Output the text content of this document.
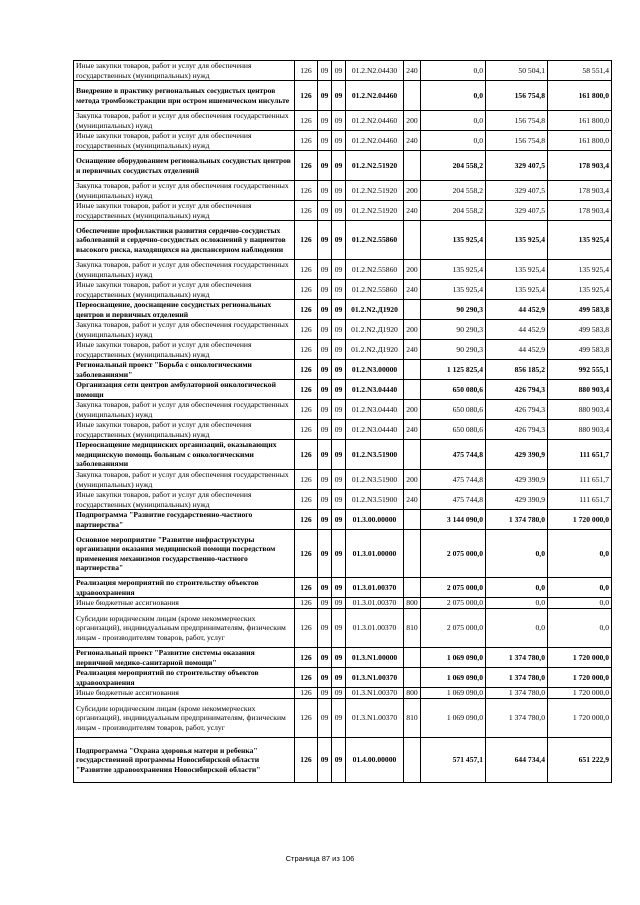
Иные закупки товаров, работ и услуг для обеспечения государственных (муниципальных) нужд	126	09	09	01.2.N2.04430	240	0,0	50 504,1	58 551,4
Внедрение в практику региональных сосудистых центров метода тромбоэкстракции при остром ишемическом инсульте	126	09	09	01.2.N2.04460		0,0	156 754,8	161 800,0
Закупка товаров, работ и услуг для обеспечения государственных (муниципальных) нужд	126	09	09	01.2.N2.04460	200	0,0	156 754,8	161 800,0
Иные закупки товаров, работ и услуг для обеспечения государственных (муниципальных) нужд	126	09	09	01.2.N2.04460	240	0,0	156 754,8	161 800,0
Оснащение оборудованием региональных сосудистых центров и первичных сосудистых отделений	126	09	09	01.2.N2.51920		204 558,2	329 407,5	178 903,4
Закупка товаров, работ и услуг для обеспечения государственных (муниципальных) нужд	126	09	09	01.2.N2.51920	200	204 558,2	329 407,5	178 903,4
Иные закупки товаров, работ и услуг для обеспечения государственных (муниципальных) нужд	126	09	09	01.2.N2.51920	240	204 558,2	329 407,5	178 903,4
Обеспечение профилактики развития сердечно-сосудистых заболеваний и сердечно-сосудистых осложнений у пациентов высокого риска, находящихся на диспансерном наблюдении	126	09	09	01.2.N2.55860		135 925,4	135 925,4	135 925,4
Закупка товаров, работ и услуг для обеспечения государственных (муниципальных) нужд	126	09	09	01.2.N2.55860	200	135 925,4	135 925,4	135 925,4
Иные закупки товаров, работ и услуг для обеспечения государственных (муниципальных) нужд	126	09	09	01.2.N2.55860	240	135 925,4	135 925,4	135 925,4
Переоснащение, дооснащение сосудистых региональных центров и первичных отделений	126	09	09	01.2.N2.Д1920		90 290,3	44 452,9	499 583,8
Закупка товаров, работ и услуг для обеспечения государственных (муниципальных) нужд	126	09	09	01.2.N2.Д1920	200	90 290,3	44 452,9	499 583,8
Иные закупки товаров, работ и услуг для обеспечения государственных (муниципальных) нужд	126	09	09	01.2.N2.Д1920	240	90 290,3	44 452,9	499 583,8
Региональный проект "Борьба с онкологическими заболеваниями"	126	09	09	01.2.N3.00000		1 125 825,4	856 185,2	992 555,1
Организация сети центров амбулаторной онкологической помощи	126	09	09	01.2.N3.04440		650 080,6	426 794,3	880 903,4
Закупка товаров, работ и услуг для обеспечения государственных (муниципальных) нужд	126	09	09	01.2.N3.04440	200	650 080,6	426 794,3	880 903,4
Иные закупки товаров, работ и услуг для обеспечения государственных (муниципальных) нужд	126	09	09	01.2.N3.04440	240	650 080,6	426 794,3	880 903,4
Переоснащение медицинских организаций, оказывающих медицинскую помощь больным с онкологическими заболеваниями	126	09	09	01.2.N3.51900		475 744,8	429 390,9	111 651,7
Закупка товаров, работ и услуг для обеспечения государственных (муниципальных) нужд	126	09	09	01.2.N3.51900	200	475 744,8	429 390,9	111 651,7
Иные закупки товаров, работ и услуг для обеспечения государственных (муниципальных) нужд	126	09	09	01.2.N3.51900	240	475 744,8	429 390,9	111 651,7
Подпрограмма "Развитие государственно-частного партнерства"	126	09	09	01.3.00.00000		3 144 090,0	1 374 780,0	1 720 000,0
Основное мероприятие "Развитие инфраструктуры организации оказания медицинской помощи посредством применения механизмов государственно-частного партнерства"	126	09	09	01.3.01.00000		2 075 000,0	0,0	0,0
Реализация мероприятий по строительству объектов здравоохранения	126	09	09	01.3.01.00370		2 075 000,0	0,0	0,0
Иные бюджетные ассигнования	126	09	09	01.3.01.00370	800	2 075 000,0	0,0	0,0
Субсидии юридическим лицам (кроме некоммерческих организаций), индивидуальным предпринимателям, физическим лицам - производителям товаров, работ, услуг	126	09	09	01.3.01.00370	810	2 075 000,0	0,0	0,0
Региональный проект "Развитие системы оказания первичной медико-санитарной помощи"	126	09	09	01.3.N1.00000		1 069 090,0	1 374 780,0	1 720 000,0
Реализация мероприятий по строительству объектов здравоохранения	126	09	09	01.3.N1.00370		1 069 090,0	1 374 780,0	1 720 000,0
Иные бюджетные ассигнования	126	09	09	01.3.N1.00370	800	1 069 090,0	1 374 780,0	1 720 000,0
Субсидии юридическим лицам (кроме некоммерческих организаций), индивидуальным предпринимателям, физическим лицам - производителям товаров, работ, услуг	126	09	09	01.3.N1.00370	810	1 069 090,0	1 374 780,0	1 720 000,0
Подпрограмма "Охрана здоровья матери и ребенка" государственной программы Новосибирской области "Развитие здравоохранения Новосибирской области"	126	09	09	01.4.00.00000		571 457,1	644 734,4	651 222,9
Страница 87 из 106
